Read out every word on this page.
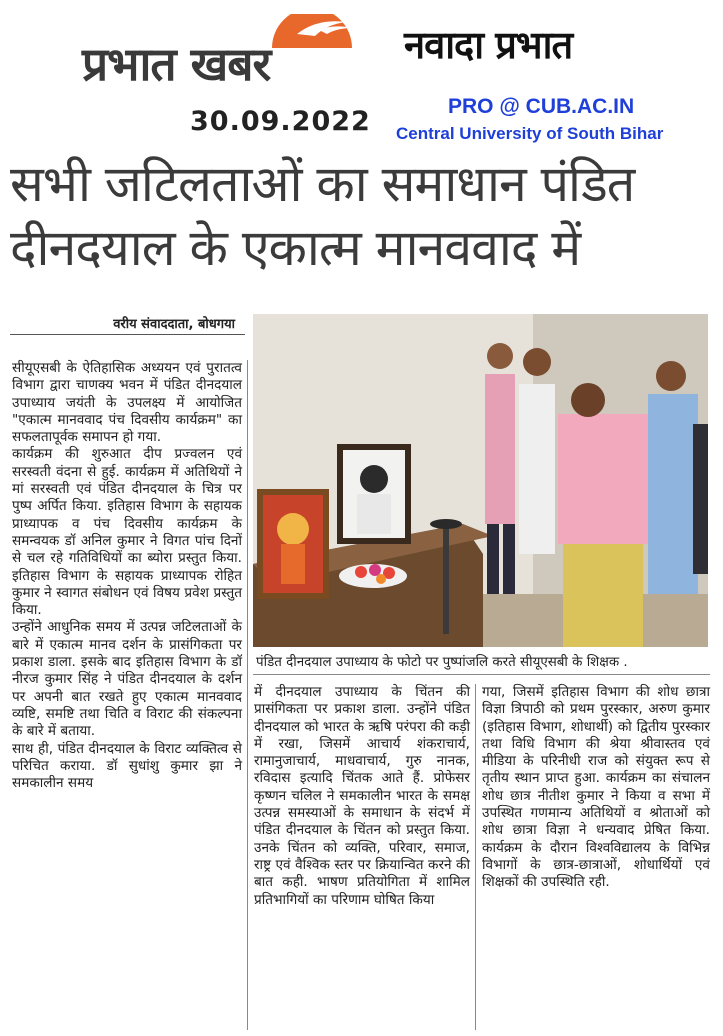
प्रभात खबर	नवादा प्रभात
30.09.2022	PRO @ CUB.AC.IN
Central University of South Bihar
सभी जटिलताओं का समाधान पंडित
दीनदयाल के एकात्म मानववाद में
वरीय संवाददाता, बोधगया
पंडित दीनदयाल उपाध्याय के फोटो पर पुष्पांजलि करते सीयूएसबी के शिक्षक .

सीयूएसबी के ऐतिहासिक अध्ययन एवं पुरातत्व विभाग द्वारा चाणक्य भवन में पंडित दीनदयाल उपाध्याय जयंती के उपलक्ष्य में आयोजित "एकात्म मानववाद पंच दिवसीय कार्यक्रम" का सफलतापूर्वक समापन हो गया.

कार्यक्रम की शुरुआत दीप प्रज्वलन एवं सरस्वती वंदना से हुई. कार्यक्रम में अतिथियों ने मां सरस्वती एवं पंडित दीनदयाल के चित्र पर पुष्प अर्पित किया. इतिहास विभाग के सहायक प्राध्यापक व पंच दिवसीय कार्यक्रम के समन्वयक डॉ अनिल कुमार ने विगत पांच दिनों से चल रहे गतिविधियों का ब्योरा प्रस्तुत किया. इतिहास विभाग के सहायक प्राध्यापक रोहित कुमार ने स्वागत संबोधन एवं विषय प्रवेश प्रस्तुत किया.

उन्होंने आधुनिक समय में उत्पन्न जटिलताओं के बारे में एकात्म मानव दर्शन के प्रासंगिकता पर प्रकाश डाला. इसके बाद इतिहास विभाग के डॉ नीरज कुमार सिंह ने पंडित दीनदयाल के दर्शन पर अपनी बात रखते हुए एकात्म मानववाद व्यष्टि, समष्टि तथा चिति व विराट की संकल्पना के बारे में बताया.

साथ ही, पंडित दीनदयाल के विराट व्यक्तित्व से परिचित कराया. डॉ सुधांशु कुमार झा ने समकालीन समय

में दीनदयाल उपाध्याय के चिंतन की प्रासंगिकता पर प्रकाश डाला. उन्होंने पंडित दीनदयाल को भारत के ऋषि परंपरा की कड़ी में रखा, जिसमें आचार्य शंकराचार्य, रामानुजाचार्य, माधवाचार्य, गुरु नानक, रविदास इत्यादि चिंतक आते हैं. प्रोफेसर कृष्णन चलिल ने समकालीन भारत के समक्ष उत्पन्न समस्याओं के समाधान के संदर्भ में पंडित दीनदयाल के चिंतन को प्रस्तुत किया. उनके चिंतन को व्यक्ति, परिवार, समाज, राष्ट्र एवं वैश्विक स्तर पर क्रियान्वित करने की बात कही. भाषण प्रतियोगिता में शामिल प्रतिभागियों का परिणाम घोषित किया

गया, जिसमें इतिहास विभाग की शोध छात्रा विज्ञा त्रिपाठी को प्रथम पुरस्कार, अरुण कुमार (इतिहास विभाग, शोधार्थी) को द्वितीय पुरस्कार तथा विधि विभाग की श्रेया श्रीवास्तव एवं मीडिया के परिनीधी राज को संयुक्त रूप से तृतीय स्थान प्राप्त हुआ. कार्यक्रम का संचालन शोध छात्र नीतीश कुमार ने किया व सभा में उपस्थित गणमान्य अतिथियों व श्रोताओं को शोध छात्रा विज्ञा ने धन्यवाद प्रेषित किया. कार्यक्रम के दौरान विश्वविद्यालय के विभिन्न विभागों के छात्र-छात्राओं, शोधार्थियों एवं शिक्षकों की उपस्थिति रही.
